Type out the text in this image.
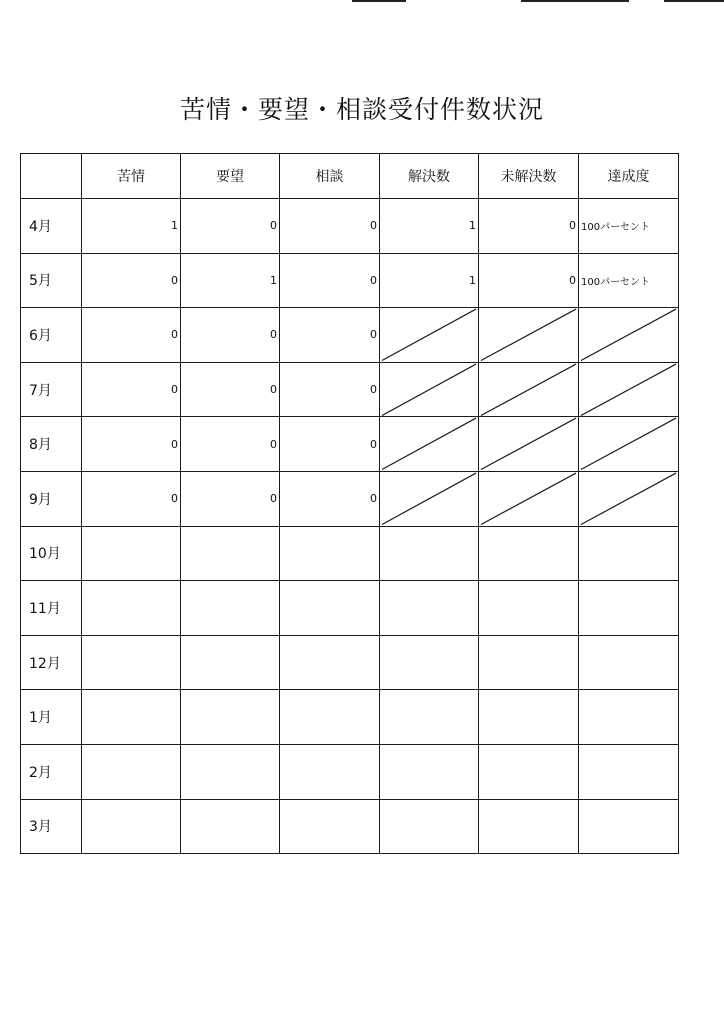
苦情・要望・相談受付件数状況
	苦情	要望	相談	解決数	未解決数	達成度
4月	1	0	0	1	0	100パーセント
5月	0	1	0	1	0	100パーセント
6月	0	0	0	

7月	0	0	0	

8月	0	0	0	

9月	0	0	0	

10月						
11月						
12月						
1月						
2月						
3月						
